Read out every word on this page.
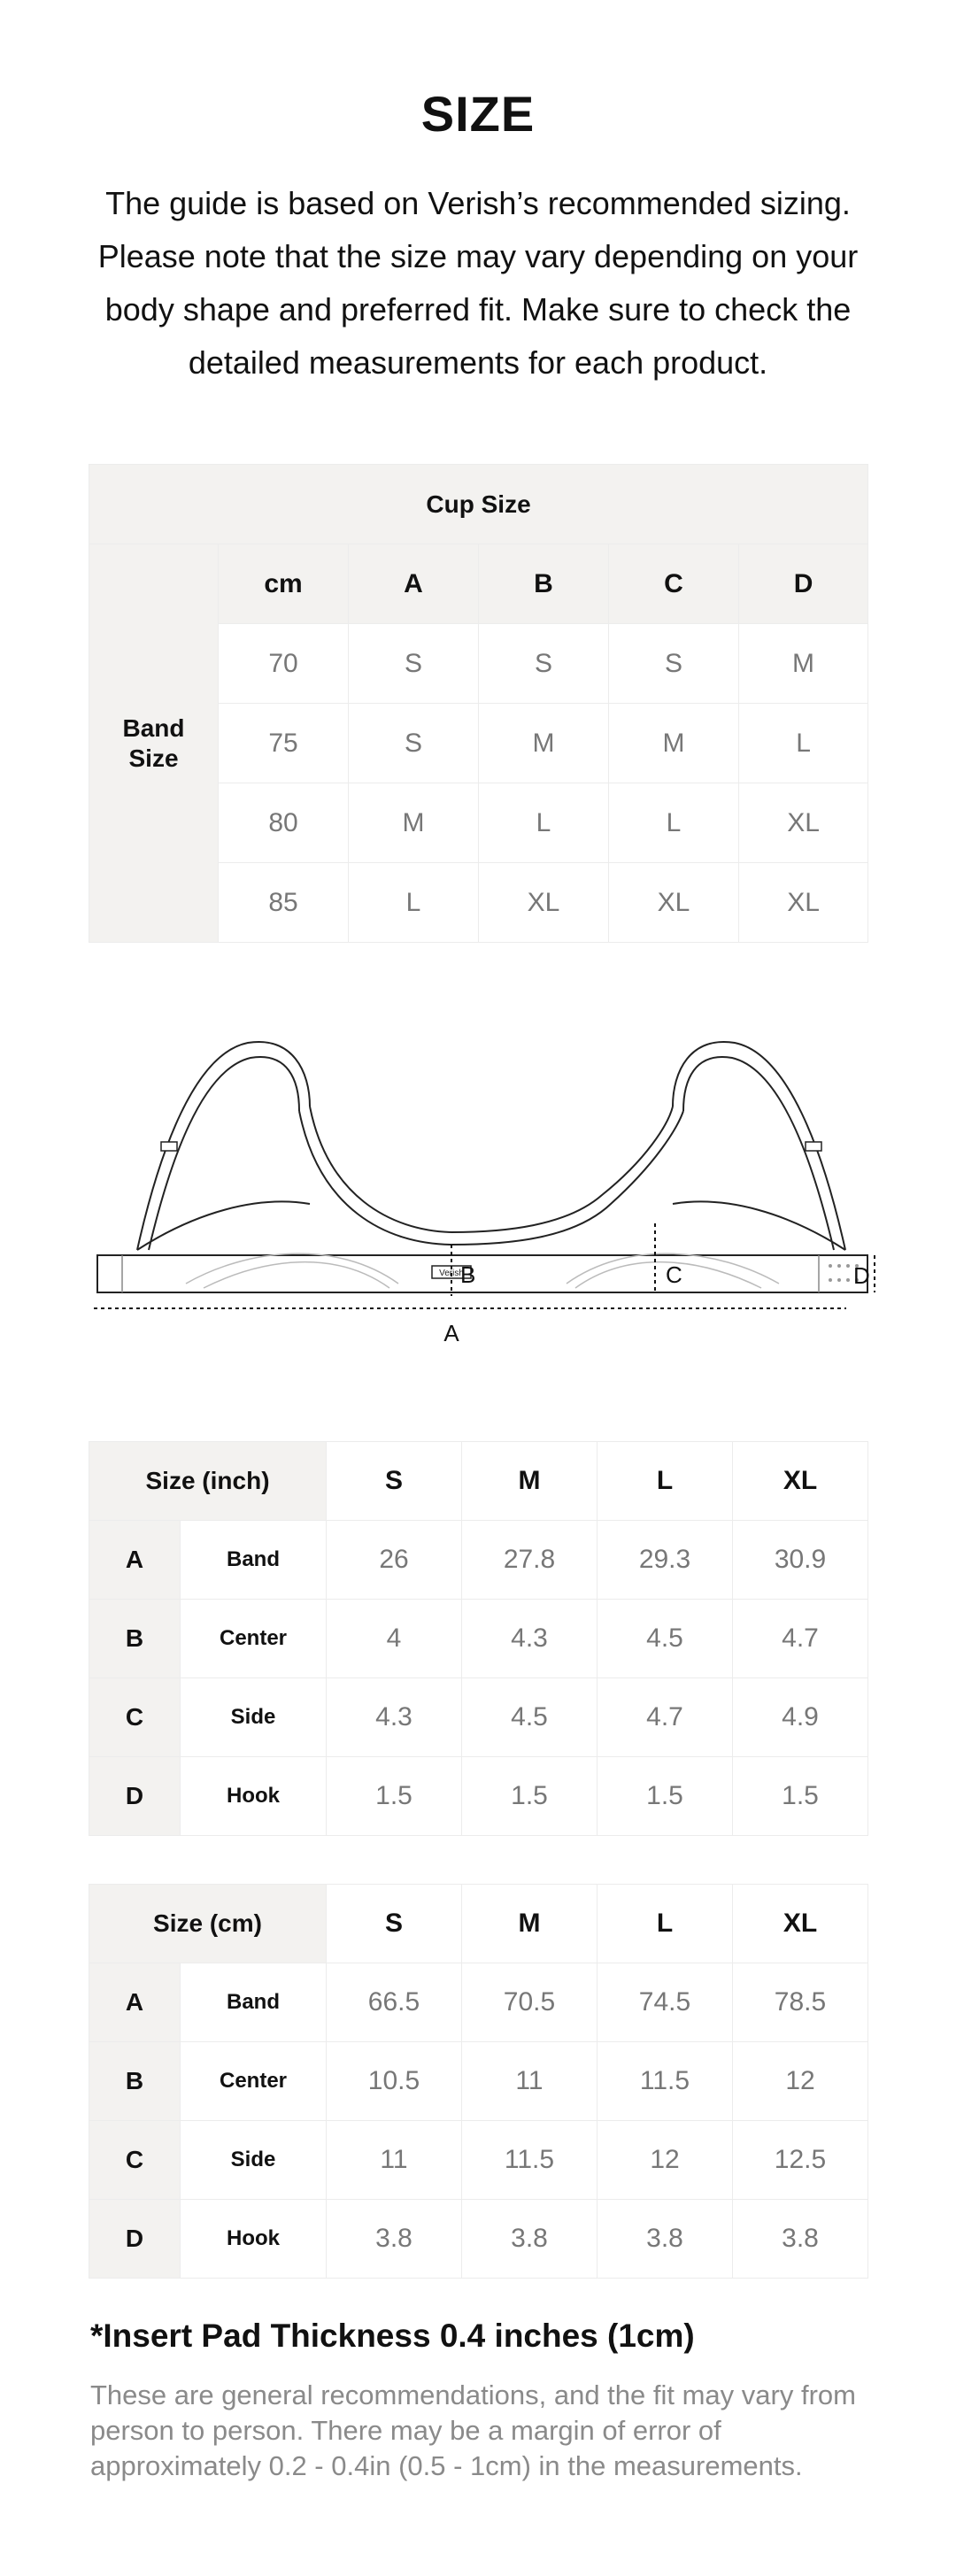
SIZE
The guide is based on Verish’s recommended sizing. Please note that the size may vary depending on your body shape and preferred fit. Make sure to check the detailed measurements for each product.
Cup Size					
Band Size	cm	A	B	C	D
	70	S	S	S	M
	75	S	M	M	L
	80	M	L	L	XL
	85	L	XL	XL	XL
Verish
B	C	D
A
Size (inch)		S	M	L	XL
A	Band	26	27.8	29.3	30.9
B	Center	4	4.3	4.5	4.7
C	Side	4.3	4.5	4.7	4.9
D	Hook	1.5	1.5	1.5	1.5
Size (cm)		S	M	L	XL
A	Band	66.5	70.5	74.5	78.5
B	Center	10.5	11	11.5	12
C	Side	11	11.5	12	12.5
D	Hook	3.8	3.8	3.8	3.8
*Insert Pad Thickness 0.4 inches (1cm)
These are general recommendations, and the fit may vary from person to person. There may be a margin of error of approximately 0.2 - 0.4in (0.5 - 1cm) in the measurements.
